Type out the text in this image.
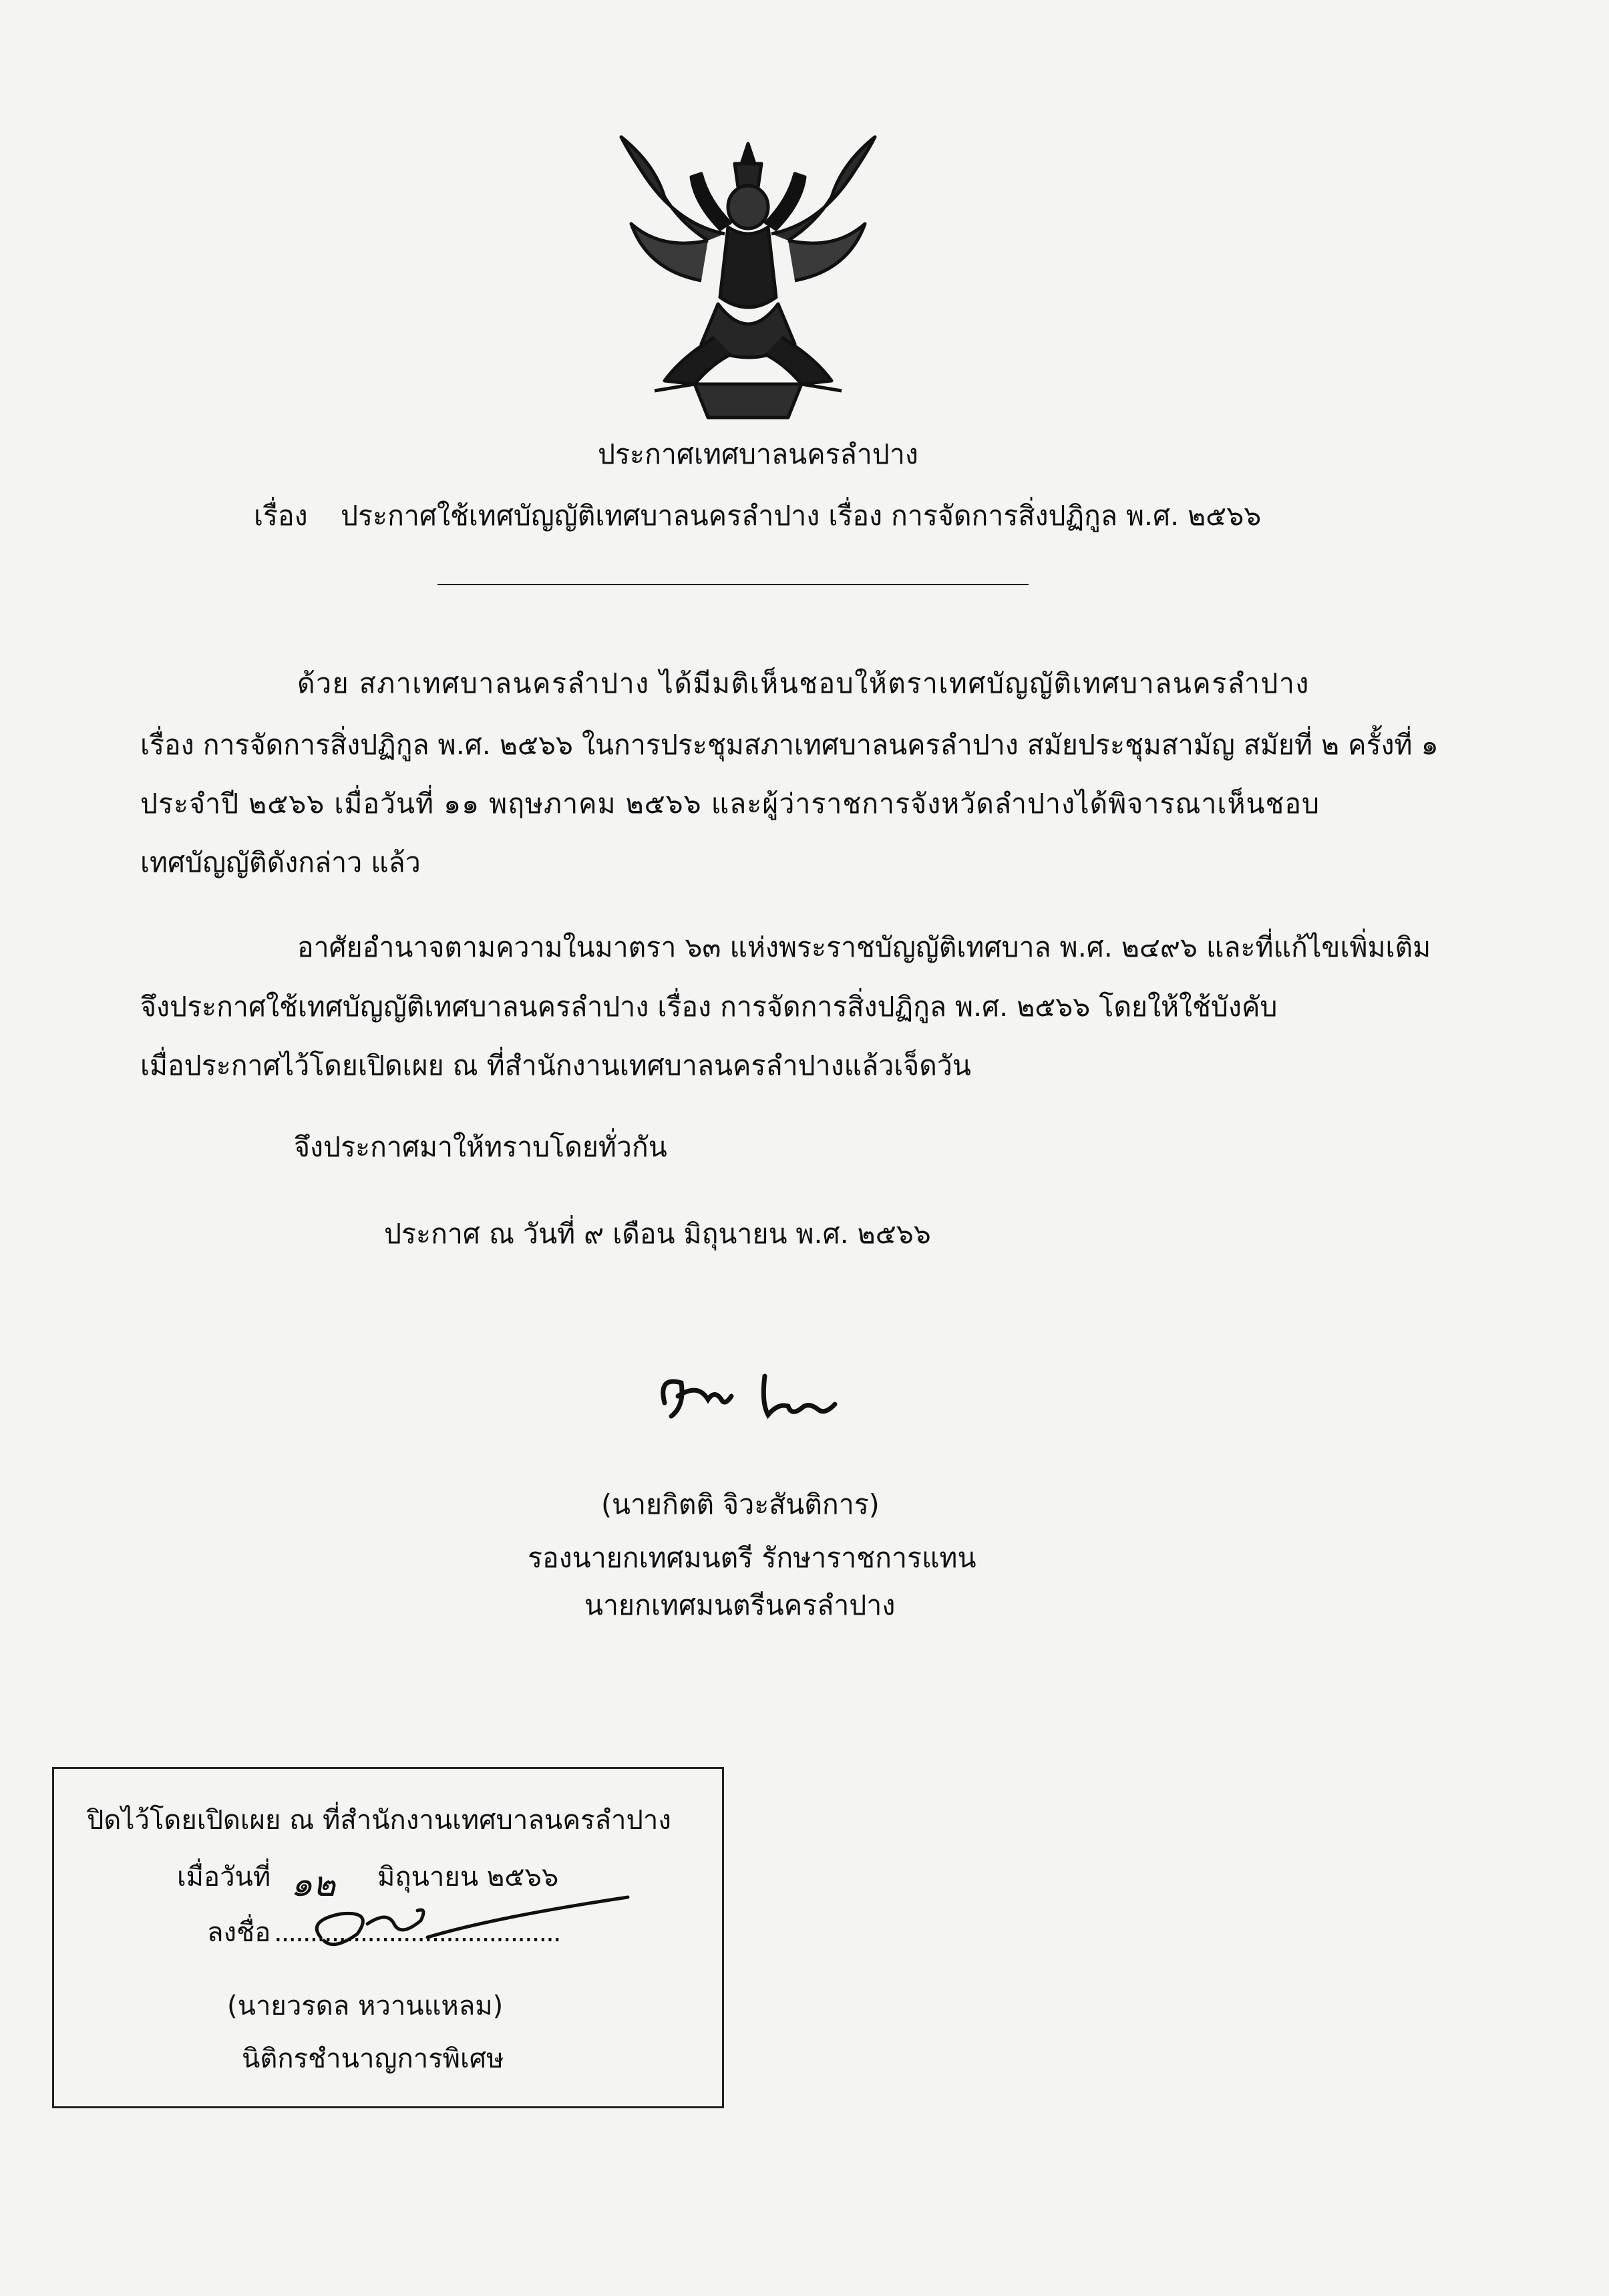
ประกาศเทศบาลนครลำปาง
เรื่อง ประกาศใช้เทศบัญญัติเทศบาลนครลำปาง เรื่อง การจัดการสิ่งปฏิกูล พ.ศ. ๒๕๖๖
ด้วย สภาเทศบาลนครลำปาง ได้มีมติเห็นชอบให้ตราเทศบัญญัติเทศบาลนครลำปาง
เรื่อง การจัดการสิ่งปฏิกูล พ.ศ. ๒๕๖๖ ในการประชุมสภาเทศบาลนครลำปาง สมัยประชุมสามัญ สมัยที่ ๒ ครั้งที่ ๑
ประจำปี ๒๕๖๖ เมื่อวันที่ ๑๑ พฤษภาคม ๒๕๖๖ และผู้ว่าราชการจังหวัดลำปางได้พิจารณาเห็นชอบ
เทศบัญญัติดังกล่าว แล้ว
อาศัยอำนาจตามความในมาตรา ๖๓ แห่งพระราชบัญญัติเทศบาล พ.ศ. ๒๔๙๖ และที่แก้ไขเพิ่มเติม
จึงประกาศใช้เทศบัญญัติเทศบาลนครลำปาง เรื่อง การจัดการสิ่งปฏิกูล พ.ศ. ๒๕๖๖ โดยให้ใช้บังคับ
เมื่อประกาศไว้โดยเปิดเผย ณ ที่สำนักงานเทศบาลนครลำปางแล้วเจ็ดวัน
จึงประกาศมาให้ทราบโดยทั่วกัน
ประกาศ ณ วันที่ ๙ เดือน มิถุนายน พ.ศ. ๒๕๖๖
(นายกิตติ จิวะสันติการ)
รองนายกเทศมนตรี รักษาราชการแทน
นายกเทศมนตรีนครลำปาง
ปิดไว้โดยเปิดเผย ณ ที่สำนักงานเทศบาลนครลำปาง
เมื่อวันที่ ๑๒ มิถุนายน ๒๕๖๖
ลงชื่อ ........................................
(นายวรดล หวานแหลม)
นิติกรชำนาญการพิเศษ
